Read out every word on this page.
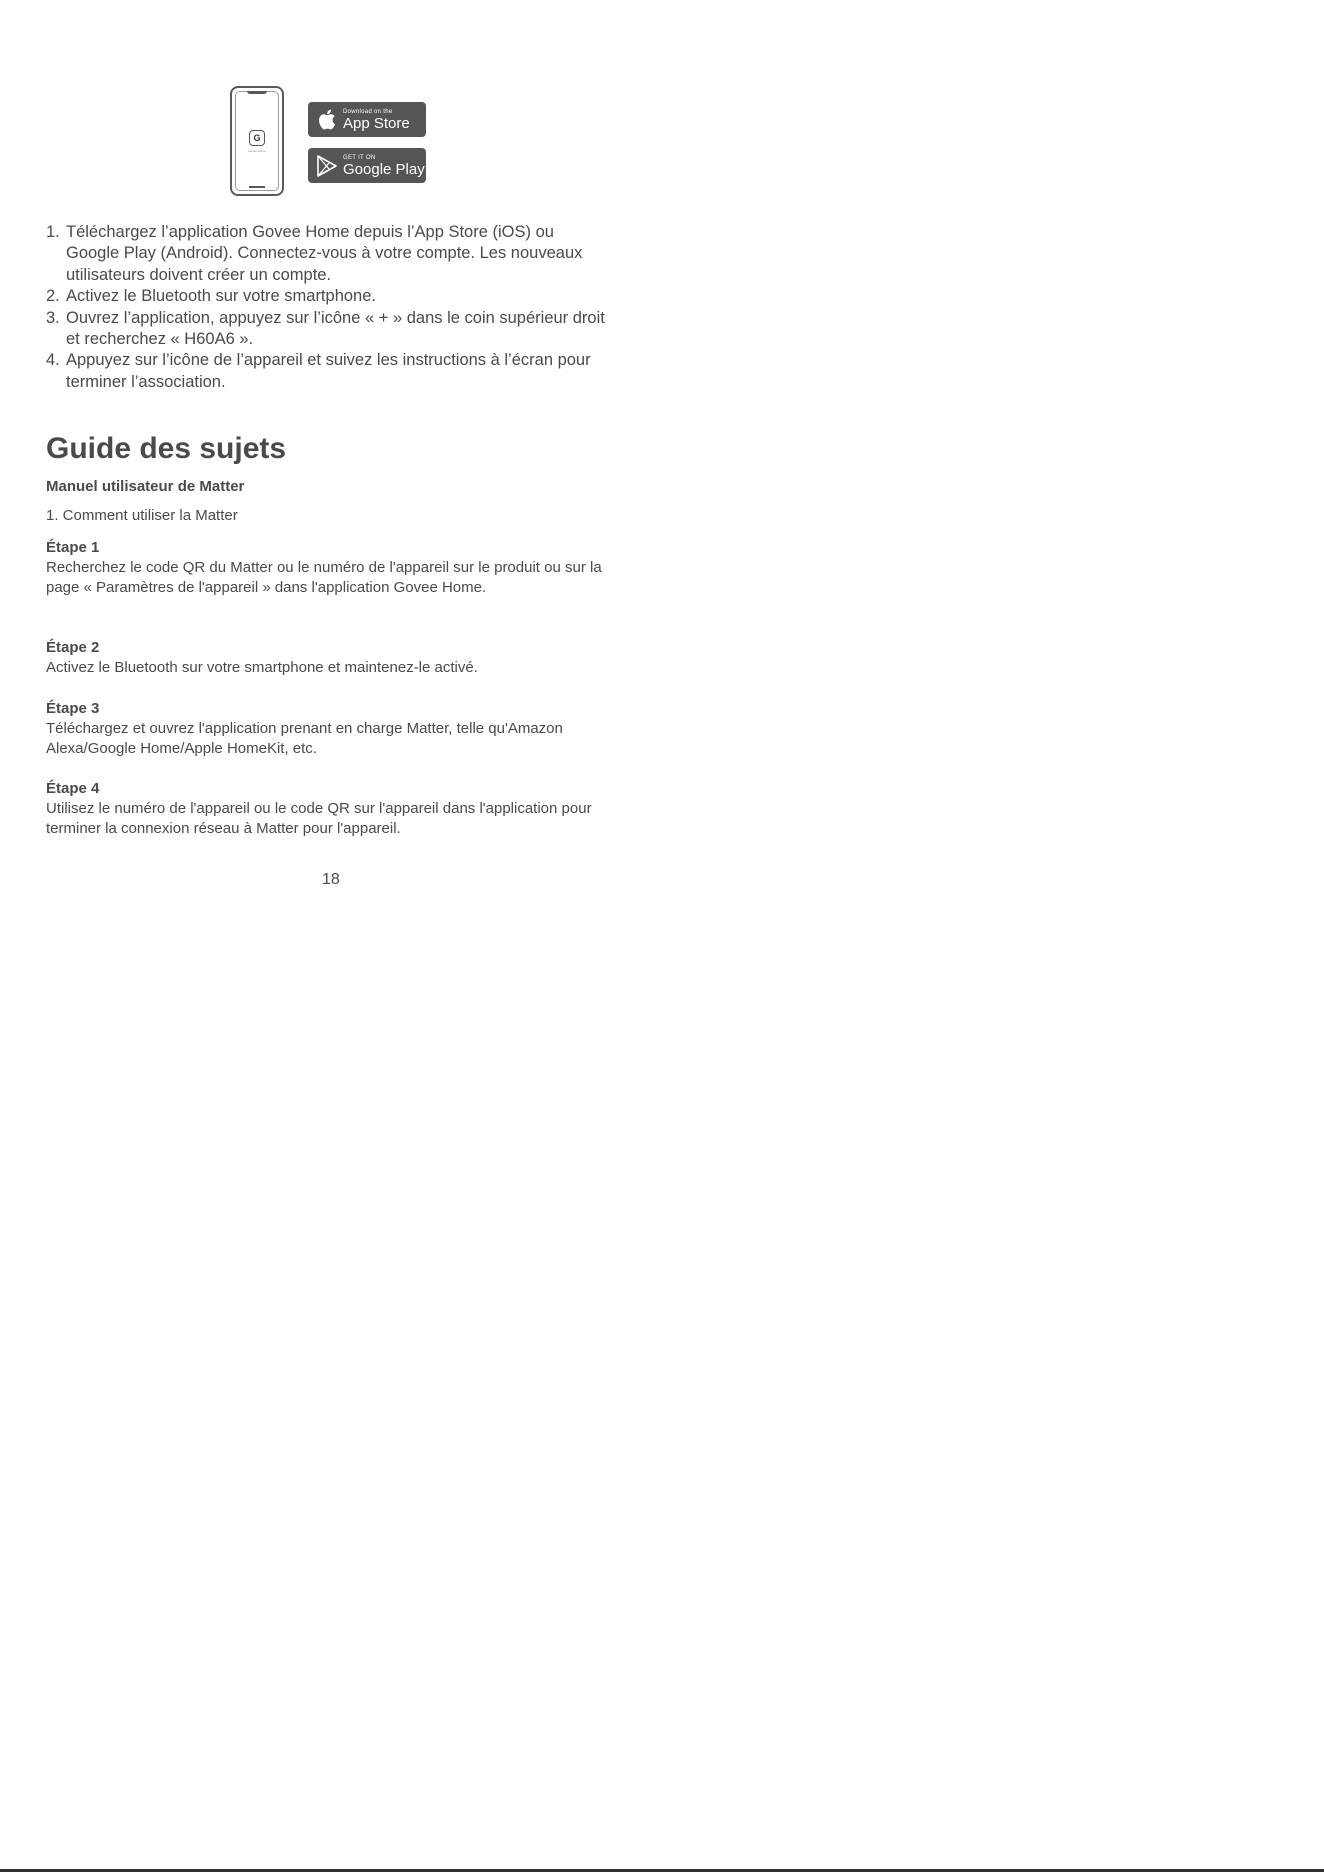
G
Govee Home
Download on the
App Store
GET IT ON
Google Play
1. Téléchargez l’application Govee Home depuis l’App Store (iOS) ou Google Play (Android). Connectez-vous à votre compte. Les nouveaux utilisateurs doivent créer un compte.
2. Activez le Bluetooth sur votre smartphone.
3. Ouvrez l’application, appuyez sur l’icône « + » dans le coin supérieur droit et recherchez « H60A6 ».
4. Appuyez sur l’icône de l’appareil et suivez les instructions à l’écran pour terminer l’association.
Guide des sujets
Manuel utilisateur de Matter
1. Comment utiliser la Matter
Étape 1
Recherchez le code QR du Matter ou le numéro de l'appareil sur le produit ou sur la page « Paramètres de l'appareil » dans l'application Govee Home.
Étape 2
Activez le Bluetooth sur votre smartphone et maintenez-le activé.
Étape 3
Téléchargez et ouvrez l'application prenant en charge Matter, telle qu'Amazon Alexa/Google Home/Apple HomeKit, etc.
Étape 4
Utilisez le numéro de l'appareil ou le code QR sur l'appareil dans l'application pour terminer la connexion réseau à Matter pour l'appareil.
18
